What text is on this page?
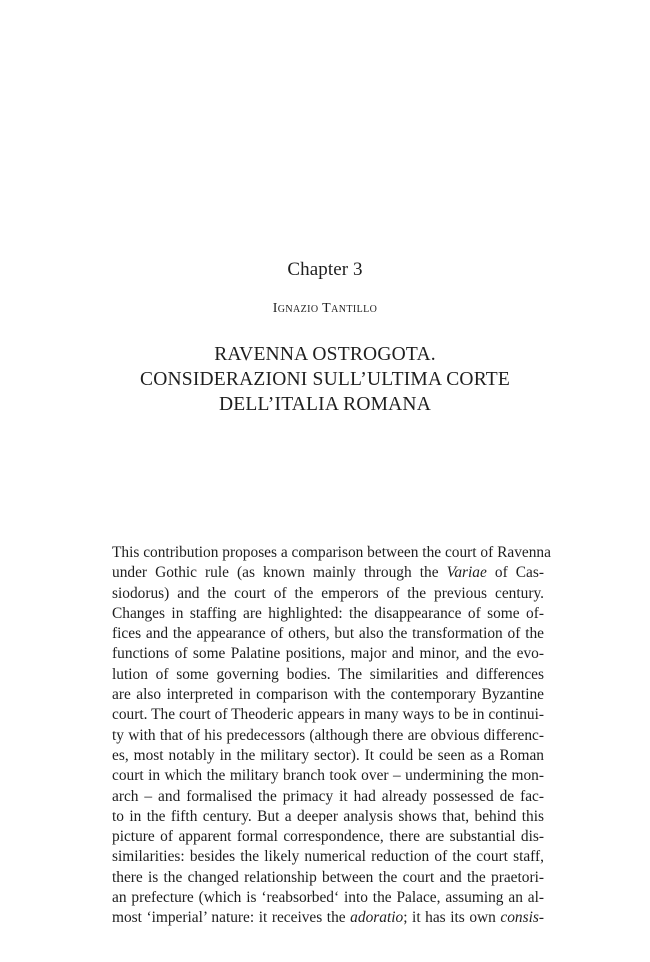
Chapter 3
Ignazio Tantillo
RAVENNA OSTROGOTA.
CONSIDERAZIONI SULL’ULTIMA CORTE
DELL’ITALIA ROMANA
This contribution proposes a comparison between the court of Ravenna
under Gothic rule (as known mainly through the Variae of Cas-
siodorus) and the court of the emperors of the previous century.
Changes in staffing are highlighted: the disappearance of some of-
fices and the appearance of others, but also the transformation of the
functions of some Palatine positions, major and minor, and the evo-
lution of some governing bodies. The similarities and differences
are also interpreted in comparison with the contemporary Byzantine
court. The court of Theoderic appears in many ways to be in continui-
ty with that of his predecessors (although there are obvious differenc-
es, most notably in the military sector). It could be seen as a Roman
court in which the military branch took over – undermining the mon-
arch – and formalised the primacy it had already possessed de fac-
to in the fifth century. But a deeper analysis shows that, behind this
picture of apparent formal correspondence, there are substantial dis-
similarities: besides the likely numerical reduction of the court staff,
there is the changed relationship between the court and the praetori-
an prefecture (which is ‘reabsorbed‘ into the Palace, assuming an al-
most ‘imperial’ nature: it receives the adoratio; it has its own consis-
